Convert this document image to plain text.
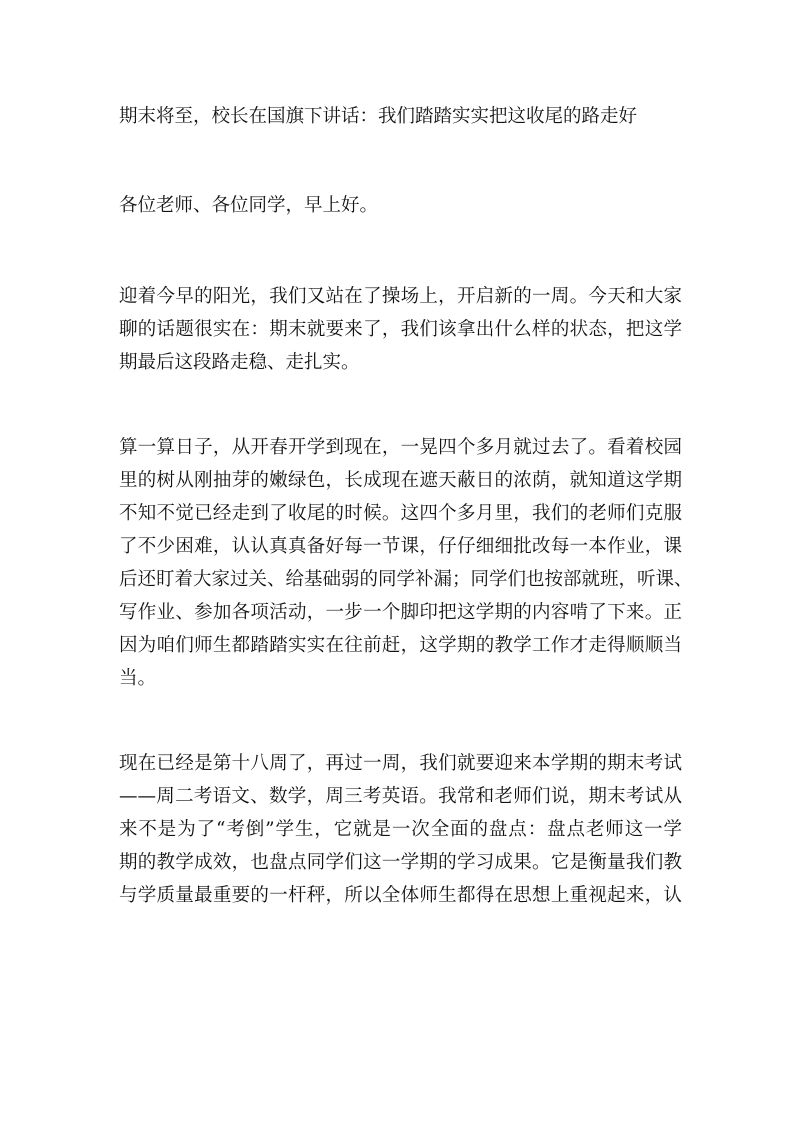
期末将至，校长在国旗下讲话：我们踏踏实实把这收尾的路走好

各位老师、各位同学，早上好。

迎着今早的阳光，我们又站在了操场上，开启新的一周。今天和大家
聊的话题很实在：期末就要来了，我们该拿出什么样的状态，把这学
期最后这段路走稳、走扎实。

算一算日子，从开春开学到现在，一晃四个多月就过去了。看着校园
里的树从刚抽芽的嫩绿色，长成现在遮天蔽日的浓荫，就知道这学期
不知不觉已经走到了收尾的时候。这四个多月里，我们的老师们克服
了不少困难，认认真真备好每一节课，仔仔细细批改每一本作业，课
后还盯着大家过关、给基础弱的同学补漏；同学们也按部就班，听课、
写作业、参加各项活动，一步一个脚印把这学期的内容啃了下来。正
因为咱们师生都踏踏实实在往前赶，这学期的教学工作才走得顺顺当
当。

现在已经是第十八周了，再过一周，我们就要迎来本学期的期末考试
——周二考语文、数学，周三考英语。我常和老师们说，期末考试从
来不是为了“考倒”学生，它就是一次全面的盘点：盘点老师这一学
期的教学成效，也盘点同学们这一学期的学习成果。它是衡量我们教
与学质量最重要的一杆秤，所以全体师生都得在思想上重视起来，认
